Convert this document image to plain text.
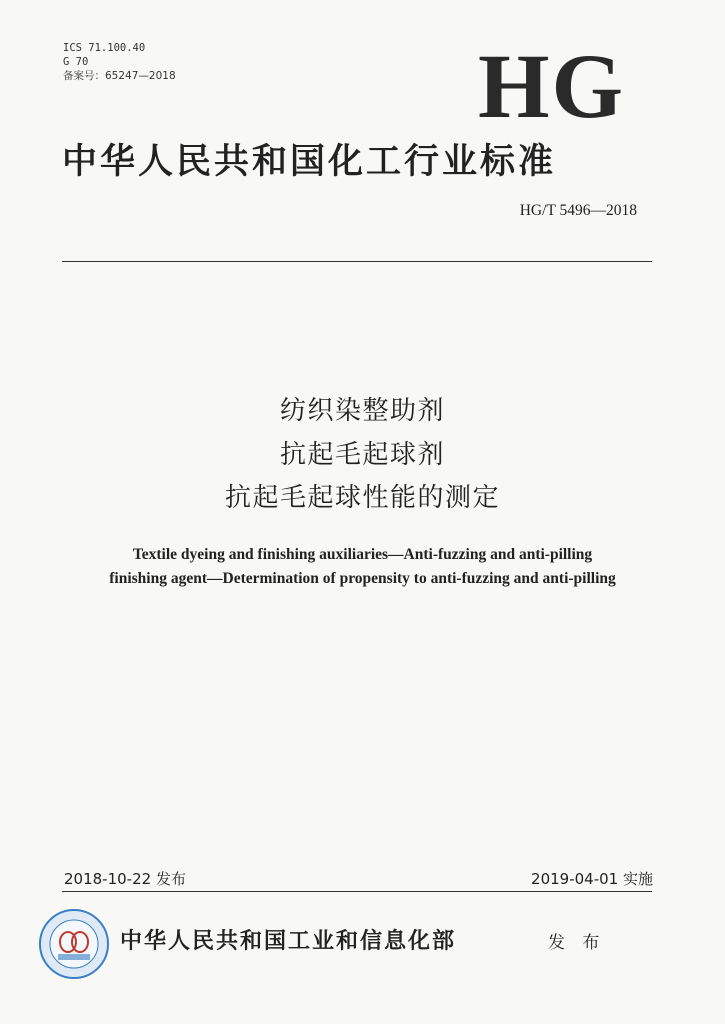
ICS 71.100.40
G 70
备案号：65247—2018	HG
中华人民共和国化工行业标准
HG/T 5496—2018
纺织染整助剂
抗起毛起球剂
抗起毛起球性能的测定
Textile dyeing and finishing auxiliaries—Anti-fuzzing and anti-pilling
finishing agent—Determination of propensity to anti-fuzzing and anti-pilling
2018-10-22 发布	2019-04-01 实施
中华人民共和国工业和信息化部	发 布
